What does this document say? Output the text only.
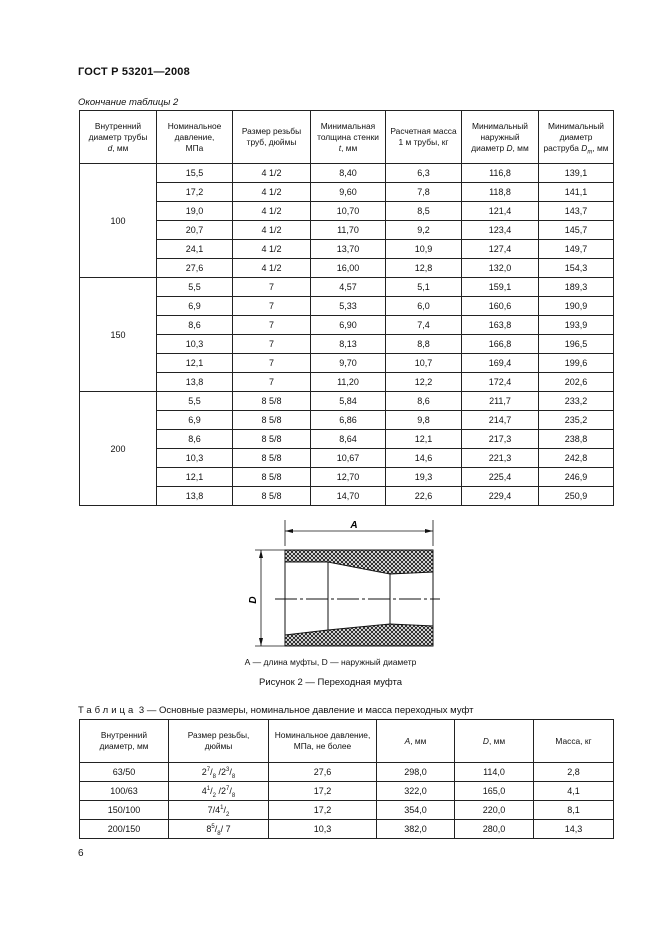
ГОСТ Р 53201—2008
Окончание таблицы 2
Внутренний
диаметр трубы
d, мм	Номинальное
давление,
МПа	Размер резьбы
труб, дюймы	Минимальная
толщина стенки
t, мм	Расчетная масса
1 м трубы, кг	Минимальный
наружный
диаметр D, мм	Минимальный
диаметр
раструба $D_m$, мм
100	15,5	4 1/2	8,40	6,3	116,8	139,1
	17,2	4 1/2	9,60	7,8	118,8	141,1
	19,0	4 1/2	10,70	8,5	121,4	143,7
	20,7	4 1/2	11,70	9,2	123,4	145,7
	24,1	4 1/2	13,70	10,9	127,4	149,7
	27,6	4 1/2	16,00	12,8	132,0	154,3
150	5,5	7	4,57	5,1	159,1	189,3
	6,9	7	5,33	6,0	160,6	190,9
	8,6	7	6,90	7,4	163,8	193,9
	10,3	7	8,13	8,8	166,8	196,5
	12,1	7	9,70	10,7	169,4	199,6
	13,8	7	11,20	12,2	172,4	202,6
200	5,5	8 5/8	5,84	8,6	211,7	233,2
	6,9	8 5/8	6,86	9,8	214,7	235,2
	8,6	8 5/8	8,64	12,1	217,3	238,8
	10,3	8 5/8	10,67	14,6	221,3	242,8
	12,1	8 5/8	12,70	19,3	225,4	246,9
	13,8	8 5/8	14,70	22,6	229,4	250,9
A
D
А — длина муфты, D — наружный диаметр
Рисунок 2 — Переходная муфта
Таблица 3 — Основные размеры, номинальное давление и масса переходных муфт
Внутренний
диаметр, мм	Размер резьбы,
дюймы	Номинальное давление,
МПа, не более	A, мм	D, мм	Масса, кг
63/50	$2^7/_8$ $/2^3/_8$	27,6	298,0	114,0	2,8
100/63	$4^1/_2$ $/2^7/_8$	17,2	322,0	165,0	4,1
150/100	$7/4^1/_2$	17,2	354,0	220,0	8,1
200/150	$8^5/_8/$ 7	10,3	382,0	280,0	14,3
6
